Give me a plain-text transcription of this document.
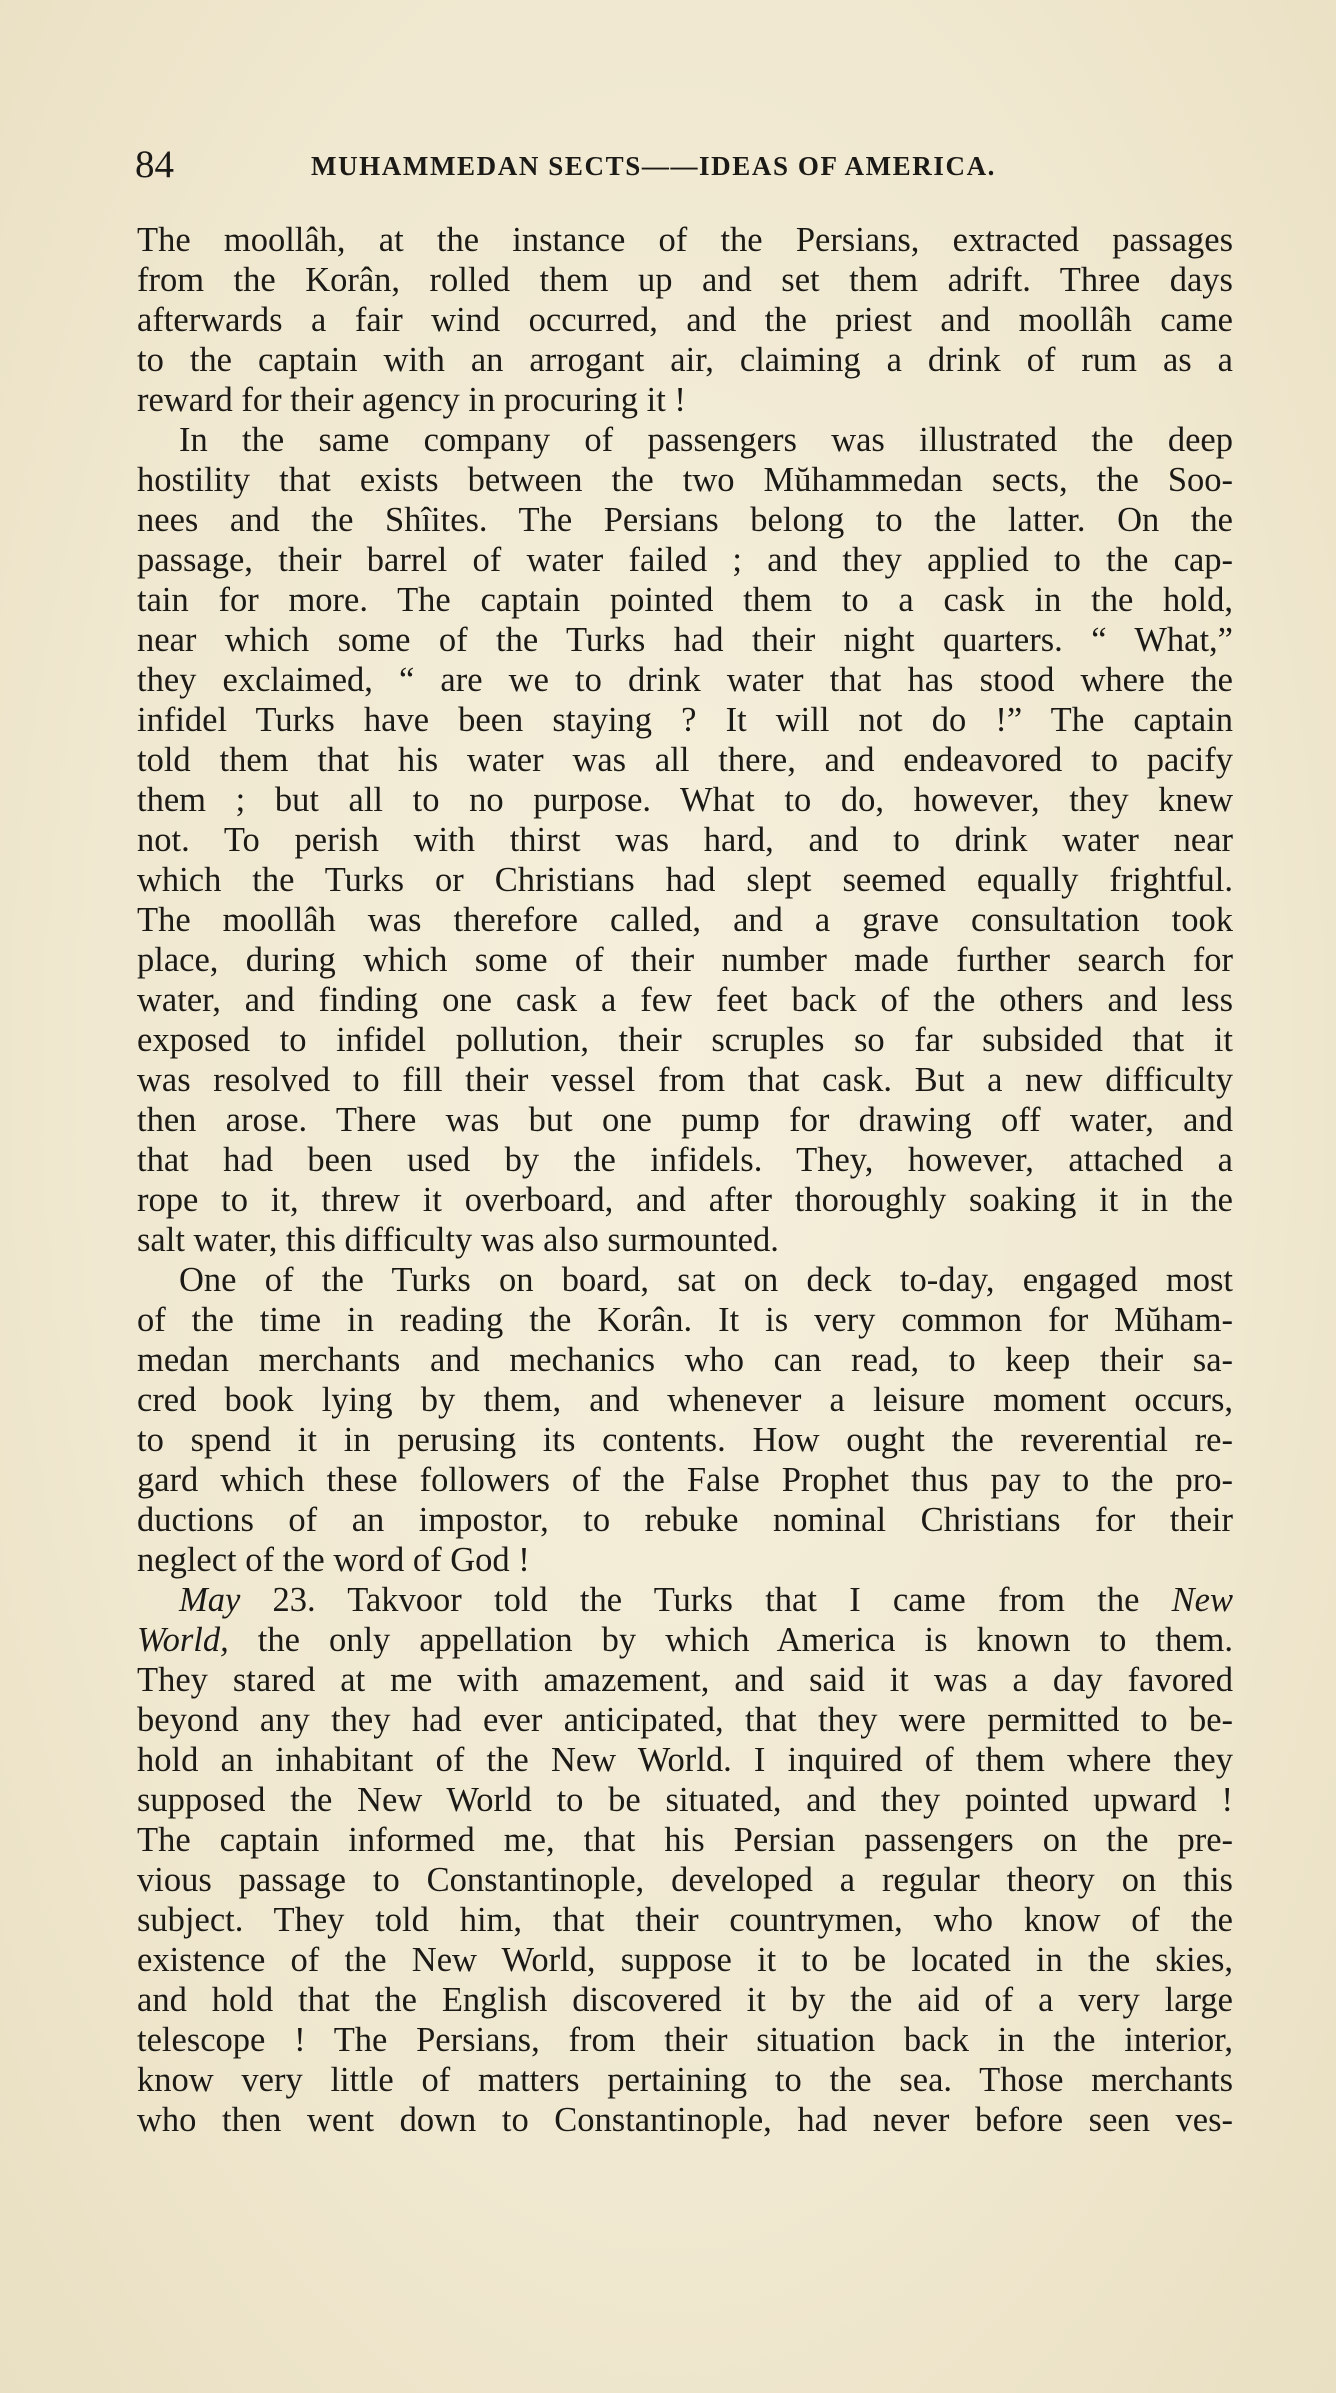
84	MUHAMMEDAN SECTS——IDEAS OF AMERICA.
The moollâh, at the instance of the Persians, extracted passages
from the Korân, rolled them up and set them adrift. Three days
afterwards a fair wind occurred, and the priest and moollâh came
to the captain with an arrogant air, claiming a drink of rum as a
reward for their agency in procuring it !
In the same company of passengers was illustrated the deep
hostility that exists between the two Mŭhammedan sects, the Soo-
nees and the Shîites. The Persians belong to the latter. On the
passage, their barrel of water failed ; and they applied to the cap-
tain for more. The captain pointed them to a cask in the hold,
near which some of the Turks had their night quarters. “ What,”
they exclaimed, “ are we to drink water that has stood where the
infidel Turks have been staying ? It will not do !” The captain
told them that his water was all there, and endeavored to pacify
them ; but all to no purpose. What to do, however, they knew
not. To perish with thirst was hard, and to drink water near
which the Turks or Christians had slept seemed equally frightful.
The moollâh was therefore called, and a grave consultation took
place, during which some of their number made further search for
water, and finding one cask a few feet back of the others and less
exposed to infidel pollution, their scruples so far subsided that it
was resolved to fill their vessel from that cask. But a new difficulty
then arose. There was but one pump for drawing off water, and
that had been used by the infidels. They, however, attached a
rope to it, threw it overboard, and after thoroughly soaking it in the
salt water, this difficulty was also surmounted.
One of the Turks on board, sat on deck to-day, engaged most
of the time in reading the Korân. It is very common for Mŭham-
medan merchants and mechanics who can read, to keep their sa-
cred book lying by them, and whenever a leisure moment occurs,
to spend it in perusing its contents. How ought the reverential re-
gard which these followers of the False Prophet thus pay to the pro-
ductions of an impostor, to rebuke nominal Christians for their
neglect of the word of God !
May 23. Takvoor told the Turks that I came from the New
World, the only appellation by which America is known to them.
They stared at me with amazement, and said it was a day favored
beyond any they had ever anticipated, that they were permitted to be-
hold an inhabitant of the New World. I inquired of them where they
supposed the New World to be situated, and they pointed upward !
The captain informed me, that his Persian passengers on the pre-
vious passage to Constantinople, developed a regular theory on this
subject. They told him, that their countrymen, who know of the
existence of the New World, suppose it to be located in the skies,
and hold that the English discovered it by the aid of a very large
telescope ! The Persians, from their situation back in the interior,
know very little of matters pertaining to the sea. Those merchants
who then went down to Constantinople, had never before seen ves-
